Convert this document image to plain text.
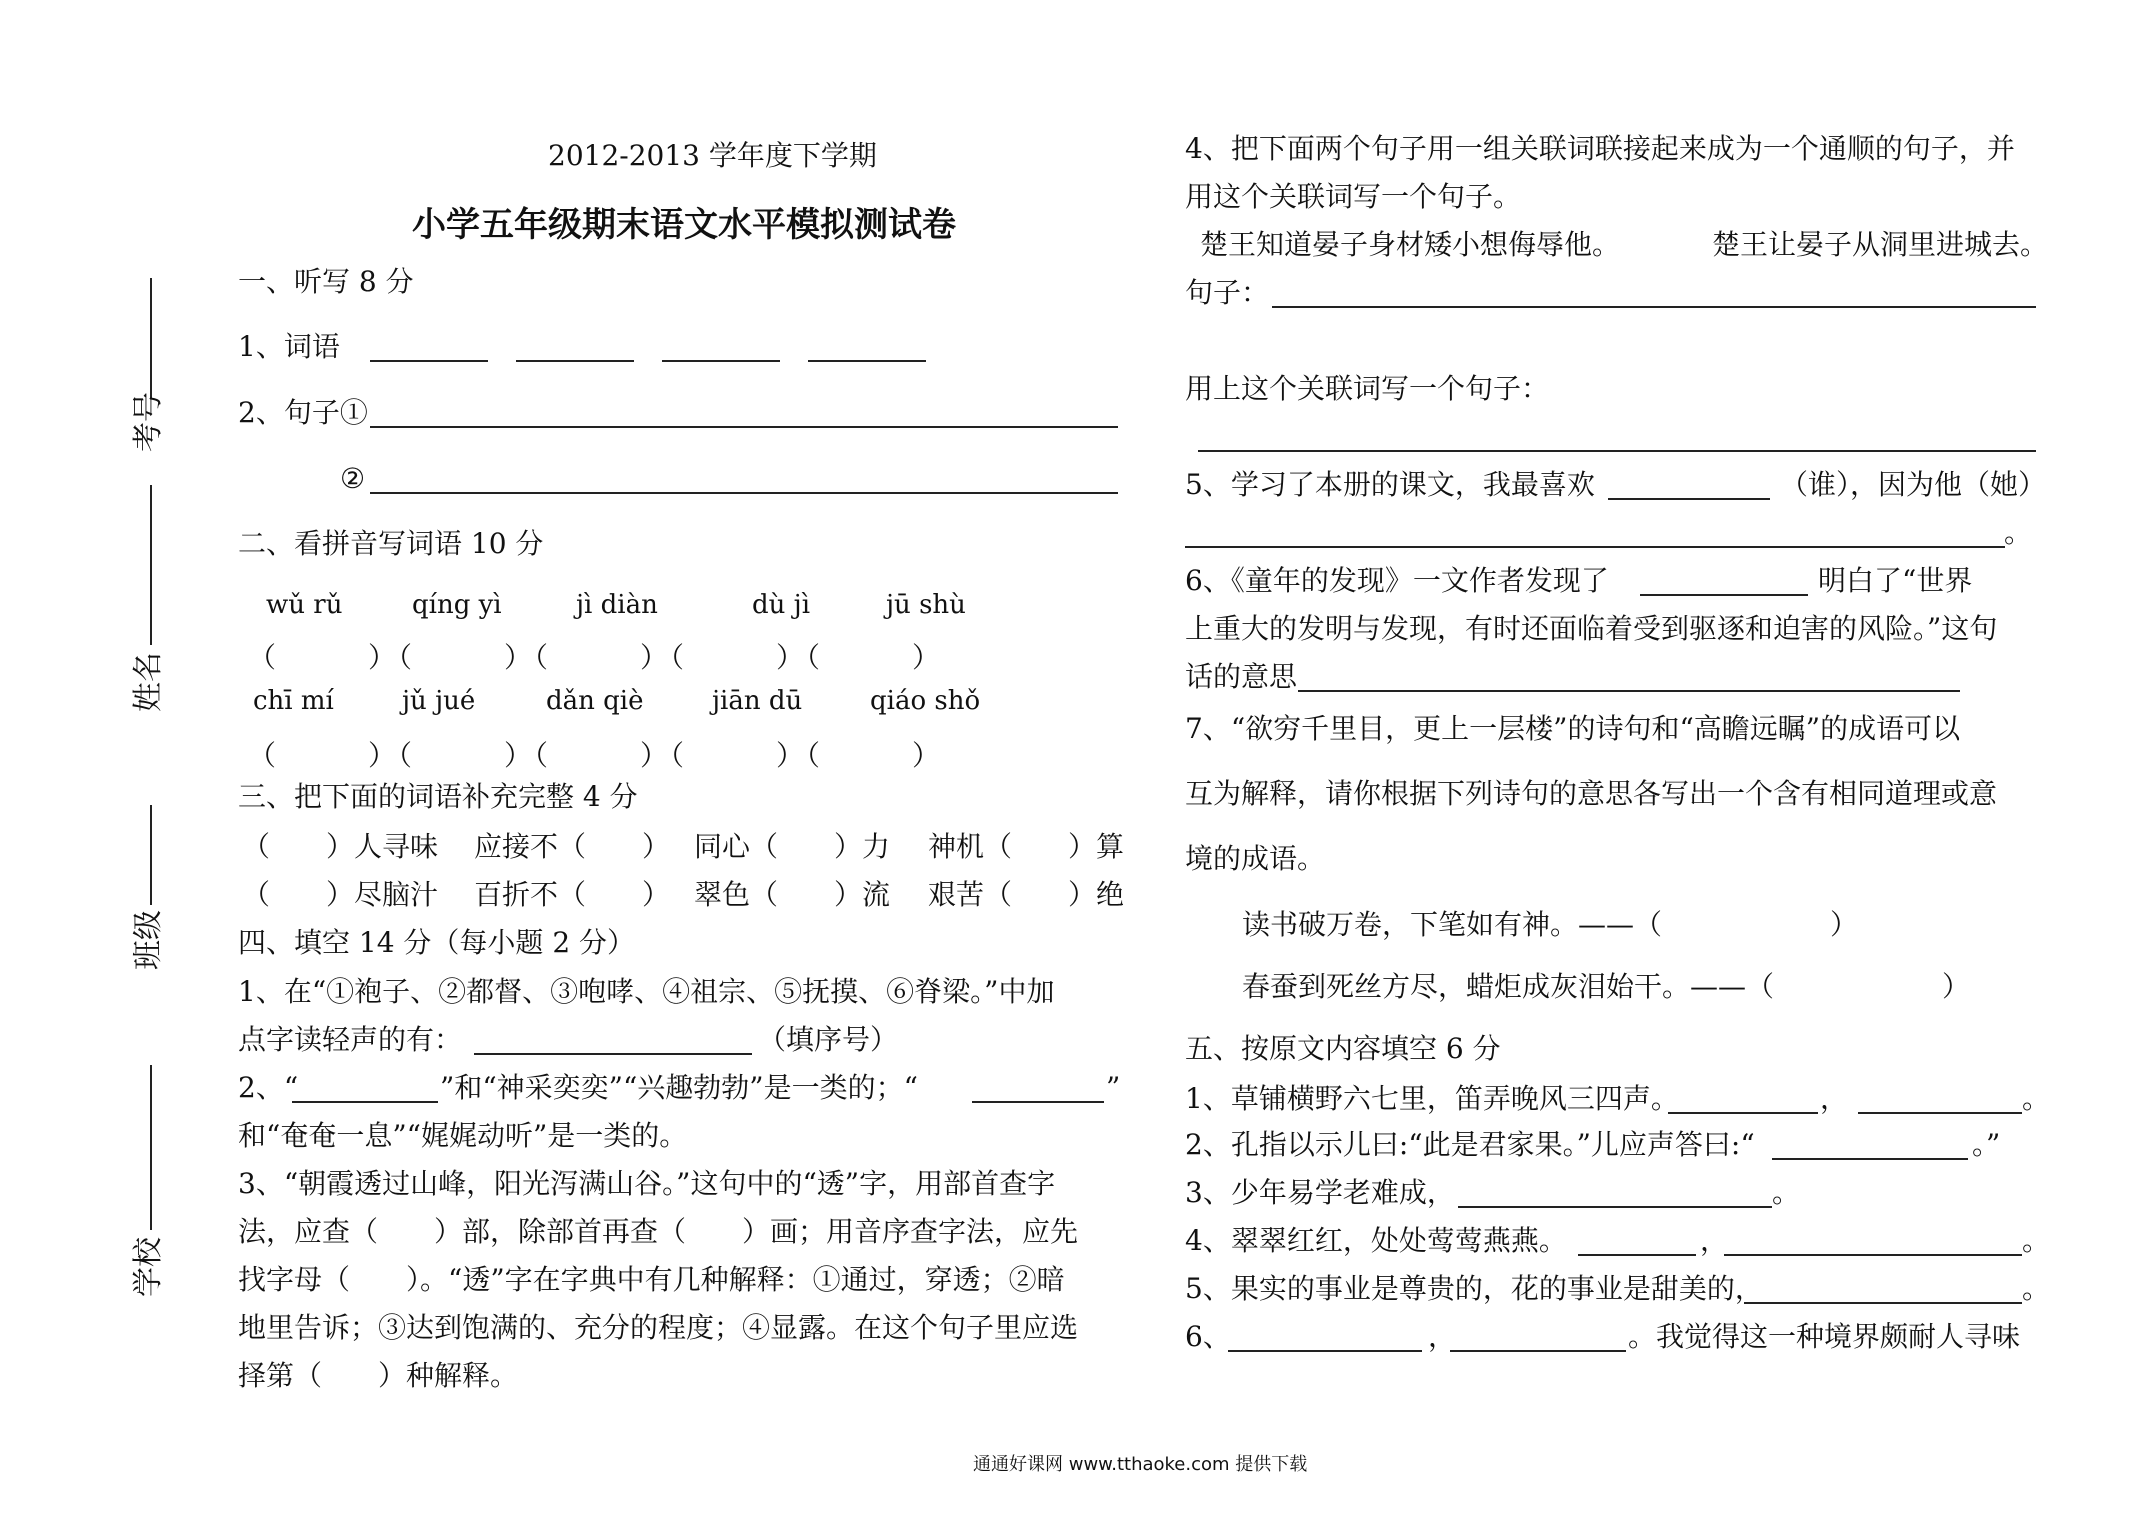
考号
姓名
班级
学校
2012-2013 学年度下学期
小学五年级期末语文水平模拟测试卷
一、听写 8 分
1、词语
2、句子①
②
二、看拼音写词语 10 分
wǔ rǔ	qíng yì	jì diàn	dù jì	jū shù
（　　　）（　　　）（　　　）（　　　）（　　　）
chī mí	jǔ jué	dǎn qiè	jiān dū	qiáo shǒ
（　　　）（　　　）（　　　）（　　　）（　　　）
三、把下面的词语补充完整 4 分
（　　）人寻味 应接不（　　） 同心（　　）力 神机（　　）算
（　　）尽脑汁 百折不（　　） 翠色（　　）流 艰苦（　　）绝
四、填空 14 分（每小题 2 分）
1、在“①袍子、②都督、③咆哮、④祖宗、⑤抚摸、⑥脊梁。”中加
点字读轻声的有：	（填序号）
2、“	”和“神采奕奕”“兴趣勃勃”是一类的；“	”
和“奄奄一息”“娓娓动听”是一类的。
3、“朝霞透过山峰，阳光泻满山谷。”这句中的“透”字，用部首查字
法，应查（　　）部，除部首再查（　　）画；用音序查字法，应先
找字母（　　）。“透”字在字典中有几种解释：①通过，穿透；②暗
地里告诉；③达到饱满的、充分的程度；④显露。在这个句子里应选
择第（　　）种解释。
4、把下面两个句子用一组关联词联接起来成为一个通顺的句子，并
用这个关联词写一个句子。
楚王知道晏子身材矮小想侮辱他。	楚王让晏子从洞里进城去。
句子：
用上这个关联词写一个句子：
5、学习了本册的课文，我最喜欢	（谁），因为他（她）
。
6、《童年的发现》一文作者发现了	明白了“世界
上重大的发明与发现，有时还面临着受到驱逐和迫害的风险。”这句
话的意思
7、“欲穷千里目，更上一层楼”的诗句和“高瞻远瞩”的成语可以
互为解释，请你根据下列诗句的意思各写出一个含有相同道理或意
境的成语。
读书破万卷，下笔如有神。——（　　　　　　）
春蚕到死丝方尽，蜡炬成灰泪始干。——（　　　　　　）
五、按原文内容填空 6 分
1、草铺横野六七里，笛弄晚风三四声。	，	。
2、孔指以示儿曰:“此是君家果。”儿应声答曰:“	。”
3、少年易学老难成，	。
4、翠翠红红，处处莺莺燕燕。	，	。
5、果实的事业是尊贵的，花的事业是甜美的，	。
6、	，	。我觉得这一种境界颇耐人寻味
通通好课网 www.tthaoke.com 提供下载
